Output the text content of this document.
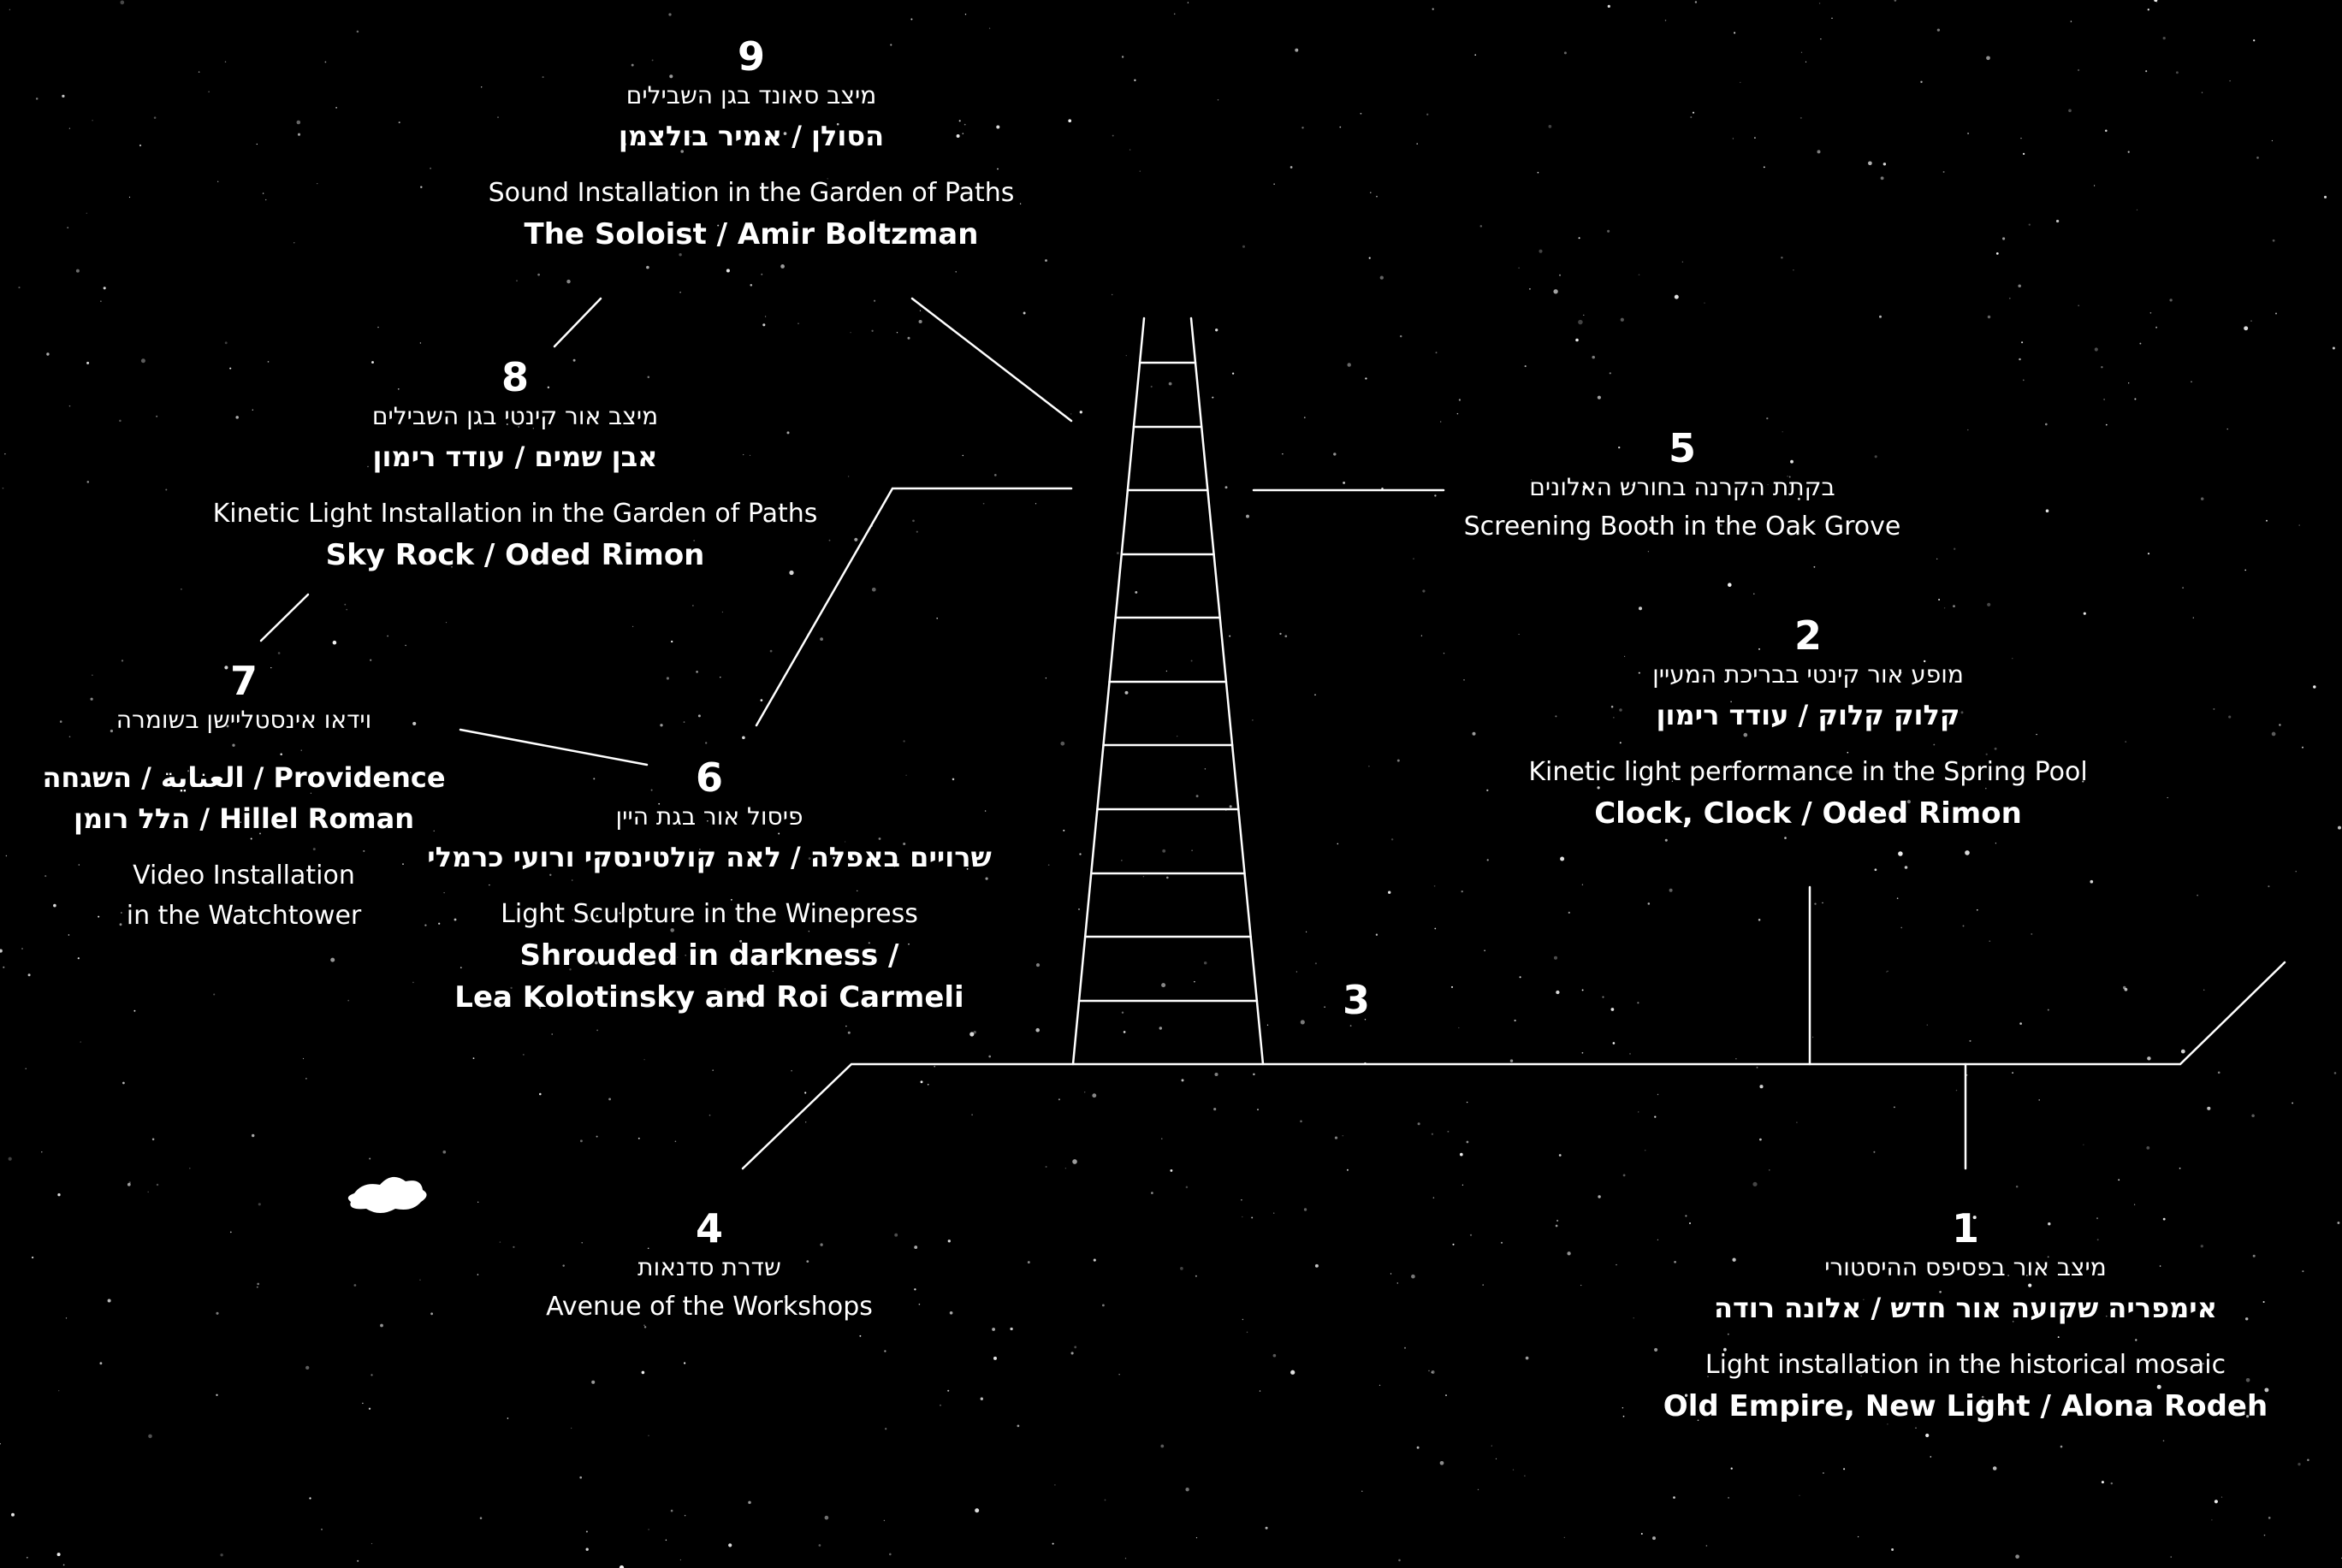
9
מיצב סאונד בגן השבילים
הסולן / אמיר בולצמן
Sound Installation in the Garden of Paths
The Soloist / Amir Boltzman
8
מיצב אור קינטי בגן השבילים
אבן שמים / עודד רימון
Kinetic Light Installation in the Garden of Paths
Sky Rock / Oded Rimon
7
וידאו אינסטליישן בשומרה
Providence / العناية / השגחה
Hillel Roman / הלל רומן
Video Installation
in the Watchtower
6
פיסול אור בגת היין
שרויים באפלה / לאה קולטינסקי ורועי כרמלי
Light Sculpture in the Winepress
Shrouded in darkness /
Lea Kolotinsky and Roi Carmeli
5
בקתת הקרנה בחורש האלונים
Screening Booth in the Oak Grove
2
מופע אור קינטי בבריכת המעיין
קלוק קלוק / עודד רימון
Kinetic light performance in the Spring Pool
Clock, Clock / Oded Rimon
3
4
שדרת סדנאות
Avenue of the Workshops
1
מיצב אור בפסיפס ההיסטורי
אימפריה שקועה אור חדש / אלונה רודה
Light installation in the historical mosaic
Old Empire, New Light / Alona Rodeh
